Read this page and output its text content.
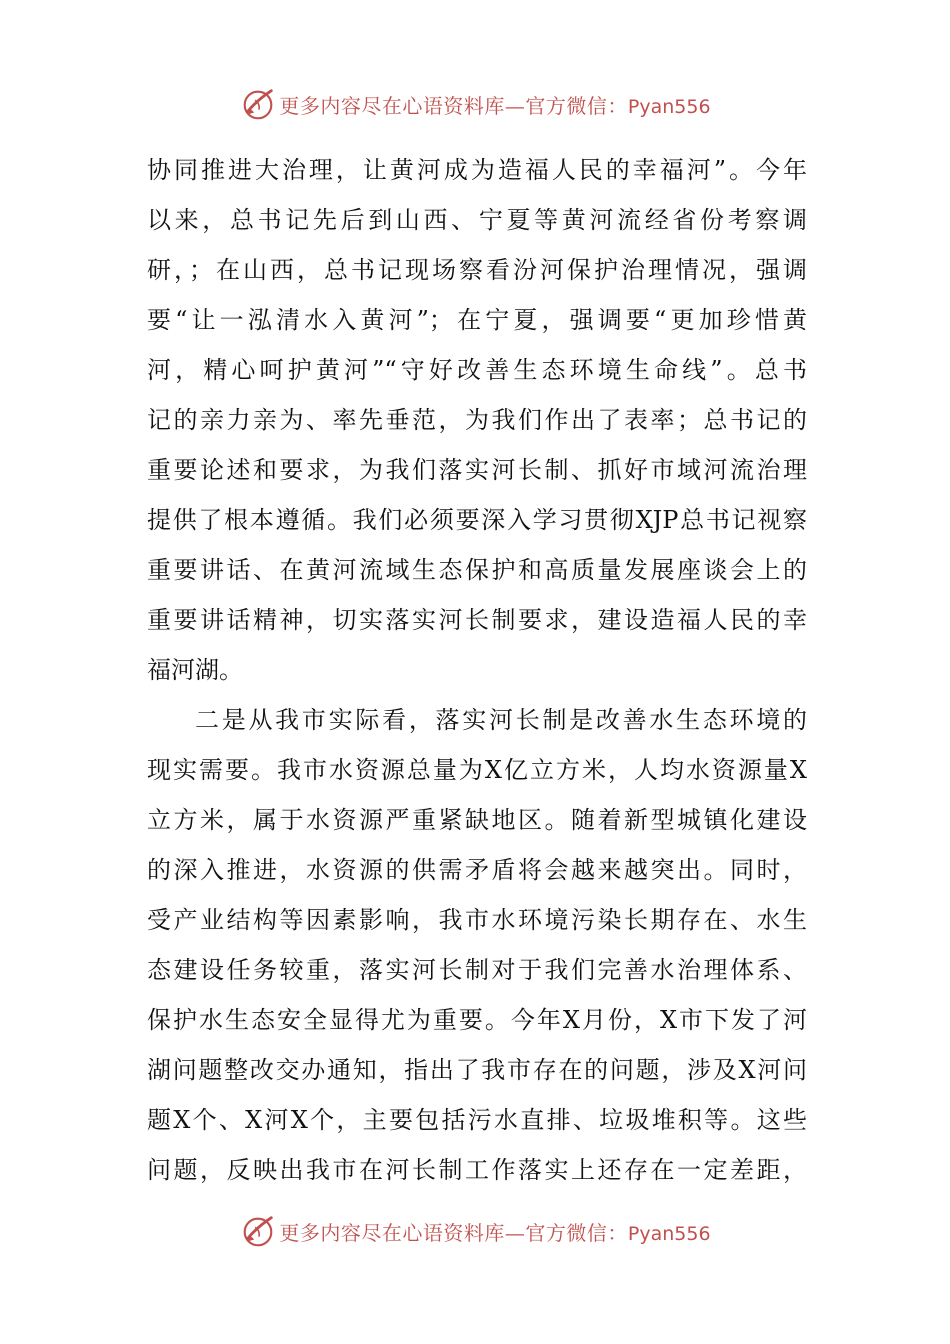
更多内容尽在心语资料库—官方微信：Pyan556
协同推进大治理，让黄河成为造福人民的幸福河”。今年
以来，总书记先后到山西、宁夏等黄河流经省份考察调
研，；在山西，总书记现场察看汾河保护治理情况，强调
要“让一泓清水入黄河”；在宁夏，强调要“更加珍惜黄
河，精心呵护黄河”“守好改善生态环境生命线”。总书
记的亲力亲为、率先垂范，为我们作出了表率；总书记的
重要论述和要求，为我们落实河长制、抓好市域河流治理
提供了根本遵循。我们必须要深入学习贯彻XJP总书记视察
重要讲话、在黄河流域生态保护和高质量发展座谈会上的
重要讲话精神，切实落实河长制要求，建设造福人民的幸
福河湖。
二是从我市实际看，落实河长制是改善水生态环境的
现实需要。我市水资源总量为X亿立方米，人均水资源量X
立方米，属于水资源严重紧缺地区。随着新型城镇化建设
的深入推进，水资源的供需矛盾将会越来越突出。同时，
受产业结构等因素影响，我市水环境污染长期存在、水生
态建设任务较重，落实河长制对于我们完善水治理体系、
保护水生态安全显得尤为重要。今年X月份，X市下发了河
湖问题整改交办通知，指出了我市存在的问题，涉及X河问
题X个、X河X个，主要包括污水直排、垃圾堆积等。这些
问题，反映出我市在河长制工作落实上还存在一定差距，
更多内容尽在心语资料库—官方微信：Pyan556
